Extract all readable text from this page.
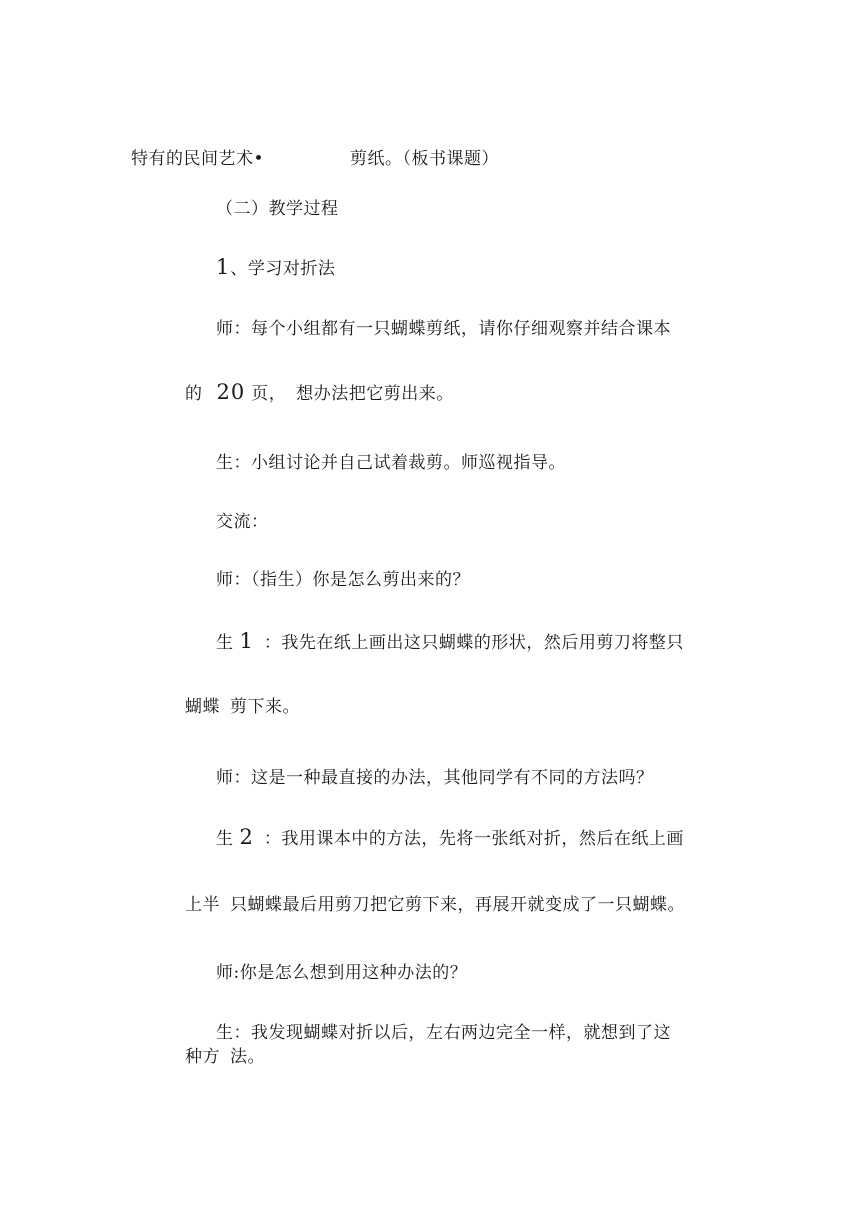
特有的民间艺术•	剪纸。（板书课题）
（二）教学过程
1、学习对折法
师：每个小组都有一只蝴蝶剪纸，请你仔细观察并结合课本
的 20 页， 想办法把它剪出来。
生：小组讨论并自己试着裁剪。师巡视指导。
交流：
师：（指生）你是怎么剪出来的？
生 1 ：我先在纸上画出这只蝴蝶的形状，然后用剪刀将整只
蝴蝶 剪下来。
师：这是一种最直接的办法，其他同学有不同的方法吗？
生 2 ：我用课本中的方法，先将一张纸对折，然后在纸上画
上半 只蝴蝶最后用剪刀把它剪下来，再展开就变成了一只蝴蝶。
师:你是怎么想到用这种办法的？
生：我发现蝴蝶对折以后，左右两边完全一样，就想到了这
种方 法。
